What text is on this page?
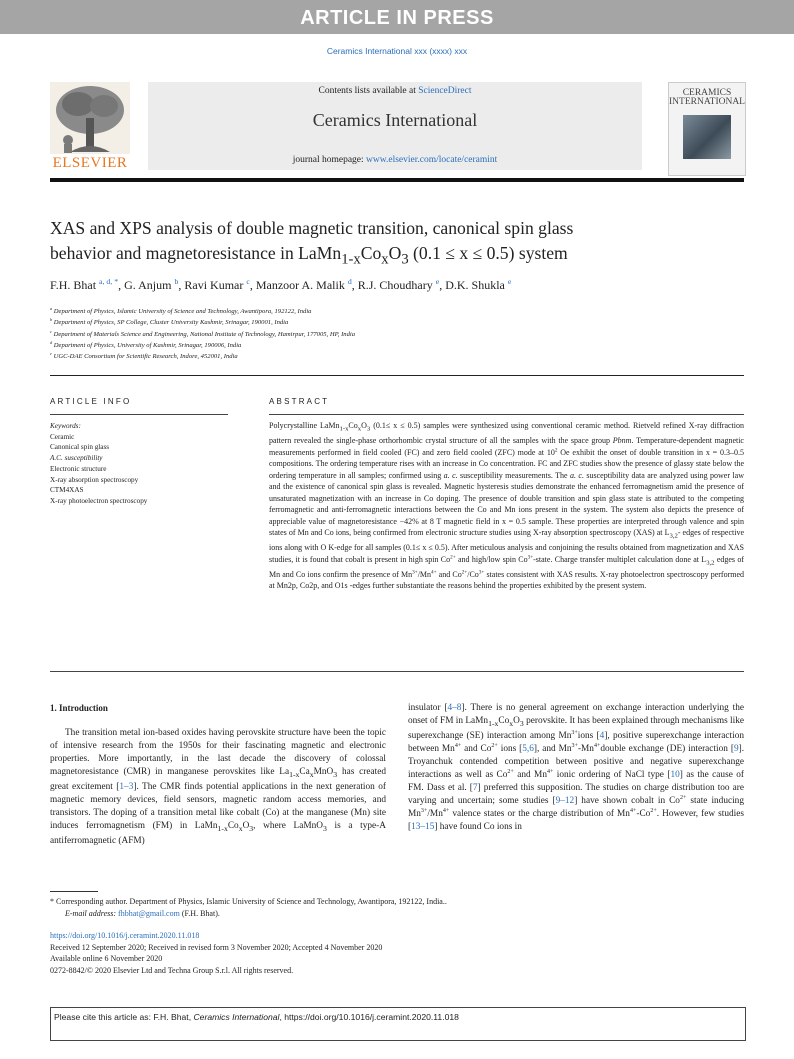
ARTICLE IN PRESS
Ceramics International xxx (xxxx) xxx
ELSEVIER
Contents lists available at ScienceDirect
Ceramics International
journal homepage: www.elsevier.com/locate/ceramint
CERAMICS INTERNATIONAL
XAS and XPS analysis of double magnetic transition, canonical spin glass
behavior and magnetoresistance in $LaMn_{1-x}Co_xO_3$ (0.1 ≤ x ≤ 0.5) system
F.H. Bhat $^{a, d, *}$, G. Anjum $^b$, Ravi Kumar $^c$, Manzoor A. Malik $^d$, R.J. Choudhary $^e$, D.K. Shukla $^e$
$^a$ Department of Physics, Islamic University of Science and Technology, Awantipora, 192122, India
$^b$ Department of Physics, SP College, Cluster University Kashmir, Srinagar, 190001, India
$^c$ Department of Materials Science and Engineering, National Institute of Technology, Hamirpur, 177005, HP, India
$^d$ Department of Physics, University of Kashmir, Srinagar, 190006, India
$^e$ UGC-DAE Consortium for Scientific Research, Indore, 452001, India
ARTICLE INFO	ABSTRACT
Keywords:
Ceramic
Canonical spin glass
A.C. susceptibility
Electronic structure
X-ray absorption spectroscopy
CTM4XAS
X-ray photoelectron spectroscopy
Polycrystalline $LaMn_{1-x}Co_xO_3$ (0.1≤ x ≤ 0.5) samples were synthesized using conventional ceramic method. Rietveld refined X-ray diffraction pattern revealed the single-phase orthorhombic crystal structure of all the samples with the space group Pbnm. Temperature-dependent magnetic measurements performed in field cooled (FC) and zero field cooled (ZFC) mode at $10^2$ Oe exhibit the onset of double transition in x = 0.3–0.5 compositions. The ordering temperature rises with an increase in Co concentration. FC and ZFC studies show the presence of glassy state below the ordering temperature in all samples; confirmed using a. c. susceptibility measurements. The a. c. susceptibility data are analyzed using power law and the existence of canonical spin glass is revealed. Magnetic hysteresis studies demonstrate the enhanced ferromagnetism amid the presence of unsaturated magnetization with an increase in Co doping. The presence of double transition and spin glass state is attributed to the competing ferromagnetic and anti-ferromagnetic interactions between the Co and Mn ions present in the system. The system also depicts the presence of appreciable value of magnetoresistance −42% at 8 T magnetic field in x = 0.5 sample. These properties are interpreted through valence and spin states of Mn and Co ions, being confirmed from electronic structure studies using X-ray absorption spectroscopy (XAS) at $L_{3,2}-$ edges of respective ions along with O K-edge for all samples (0.1≤ x ≤ 0.5). After meticulous analysis and conjoining the results obtained from magnetization and XAS studies, it is found that cobalt is present in high spin $Co^{2+}$ and high/low spin $Co^{3+}$-state. Charge transfer multiplet calculation done at $L_{3,2}$ edges of Mn and Co ions confirm the presence of $Mn^{3+}/Mn^{4+}$ and $Co^{2+}/Co^{3+}$ states consistent with XAS results. X-ray photoelectron spectroscopy performed at Mn2p, Co2p, and O1s -edges further substantiate the reasons behind the properties exhibited by the present system.
1. Introduction
The transition metal ion-based oxides having perovskite structure have been the topic of intensive research from the 1950s for their fascinating magnetic and electronic properties. More importantly, in the last decade the discovery of colossal magnetoresistance (CMR) in manganese perovskites like $La_{1-x}Ca_xMnO_3$ has created great excitement [1–3]. The CMR finds potential applications in the next generation of magnetic memory devices, field sensors, magnetic random access memories, and transistors. The doping of a transition metal like cobalt (Co) at the manganese (Mn) site induces ferromagnetism (FM) in $LaMn_{1-x}Co_xO_3$, where LaMnO$_3$ is a type-A antiferromagnetic (AFM)
insulator [4–8]. There is no general agreement on exchange interaction underlying the onset of FM in $LaMn_{1-x}Co_xO_3$ perovskite. It has been explained through mechanisms like superexchange (SE) interaction among $Mn^{3+}ions$ [4], positive superexchange interaction between $Mn^{4+}$ and $Co^{2+}$ ions [5,6], and $Mn^{3+}-Mn^{4+}double$ exchange (DE) interaction [9]. Troyanchuk contended competition between positive and negative superexchange interactions as well as $Co^{2+}$ and $Mn^{4+}$ ionic ordering of NaCl type [10] as the cause of FM. Dass et al. [7] preferred this supposition. The studies on charge distribution too are varying and uncertain; some studies [9–12] have shown cobalt in $Co^{2+}$ state inducing $Mn^{3+}/Mn^{4+}$ valence states or the charge distribution of $Mn^{4+}-Co^{2+}$. However, few studies [13–15] have found Co ions in
* Corresponding author. Department of Physics, Islamic University of Science and Technology, Awantipora, 192122, India..
E-mail address: fhbhat@gmail.com (F.H. Bhat).
https://doi.org/10.1016/j.ceramint.2020.11.018
Received 12 September 2020; Received in revised form 3 November 2020; Accepted 4 November 2020
Available online 6 November 2020
0272-8842/© 2020 Elsevier Ltd and Techna Group S.r.l. All rights reserved.
Please cite this article as: F.H. Bhat, Ceramics International, https://doi.org/10.1016/j.ceramint.2020.11.018
